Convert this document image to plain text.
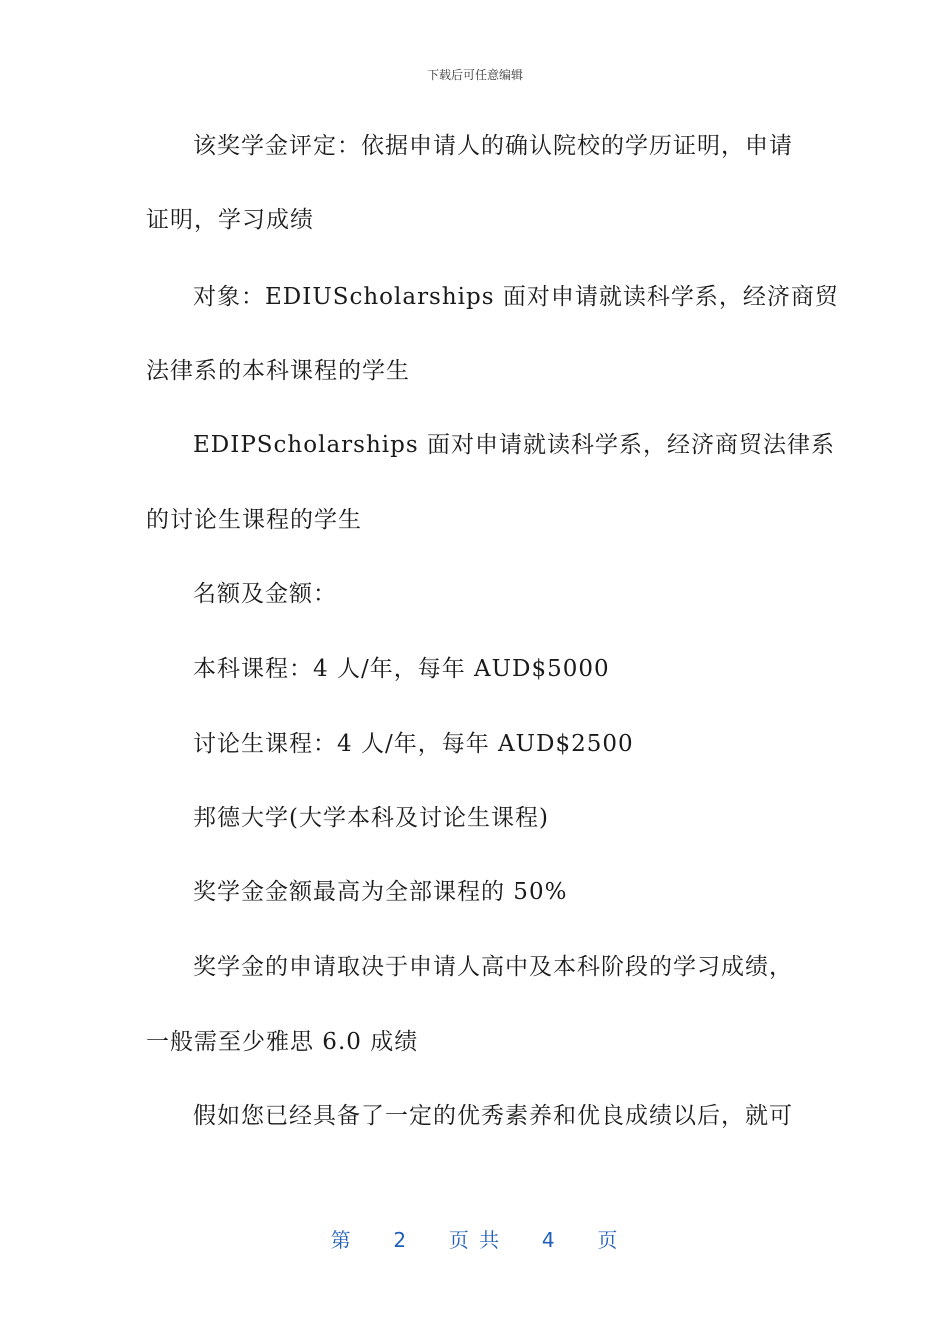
下载后可任意编辑
该奖学金评定：依据申请人的确认院校的学历证明，申请
证明，学习成绩
对象：EDIUScholarships 面对申请就读科学系，经济商贸
法律系的本科课程的学生
EDIPScholarships 面对申请就读科学系，经济商贸法律系
的讨论生课程的学生
名额及金额：
本科课程：4 人/年，每年 AUD$5000
讨论生课程：4 人/年，每年 AUD$2500
邦德大学(大学本科及讨论生课程)
奖学金金额最高为全部课程的 50%
奖学金的申请取决于申请人高中及本科阶段的学习成绩，
一般需至少雅思 6.0 成绩
假如您已经具备了一定的优秀素养和优良成绩以后，就可
第 2 页 共 4 页
